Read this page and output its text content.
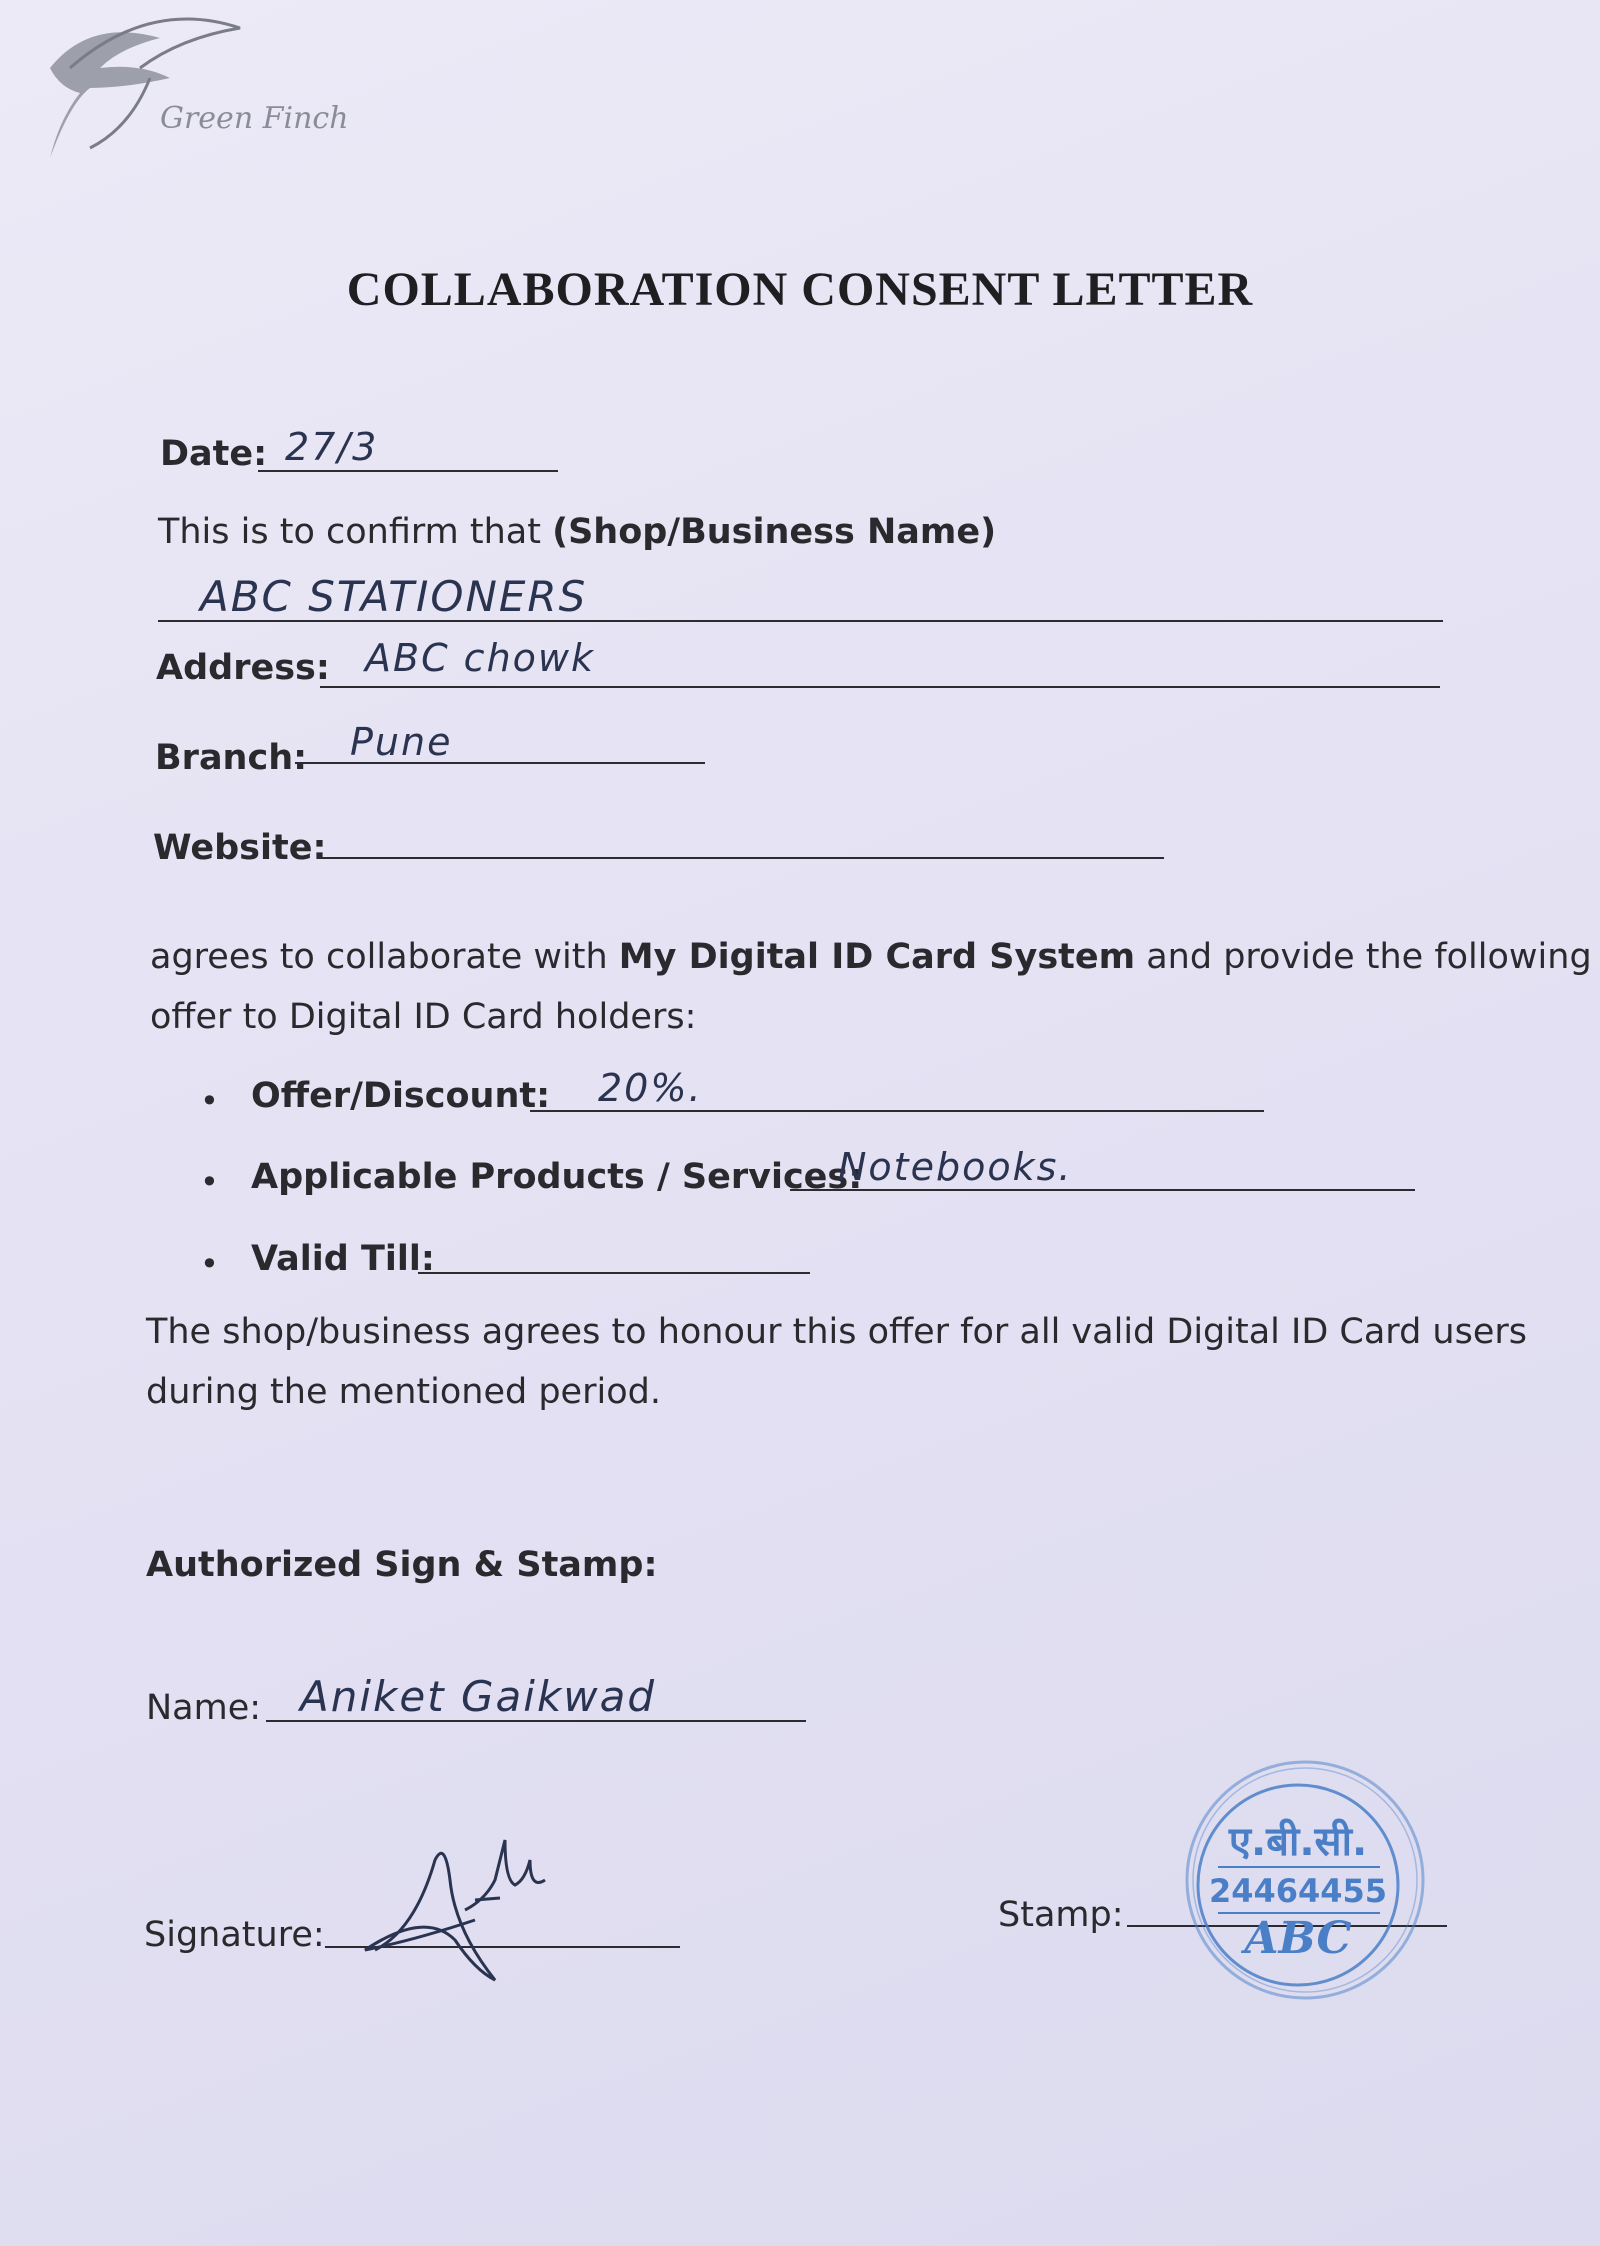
Green Finch
COLLABORATION CONSENT LETTER
Date: 27/3
This is to confirm that (Shop/Business Name)
ABC STATIONERS
Address: ABC chowk
Branch: Pune
Website:
agrees to collaborate with My Digital ID Card System and provide the following
offer to Digital ID Card holders:
• Offer/Discount: 20%.
• Applicable Products / Services:
Notebooks.
• Valid Till:
The shop/business agrees to honour this offer for all valid Digital ID Card users
during the mentioned period.
Authorized Sign & Stamp:
Name: Aniket Gaikwad
Signature:	Stamp:
ए.बी.सी.
24464455
ABC
